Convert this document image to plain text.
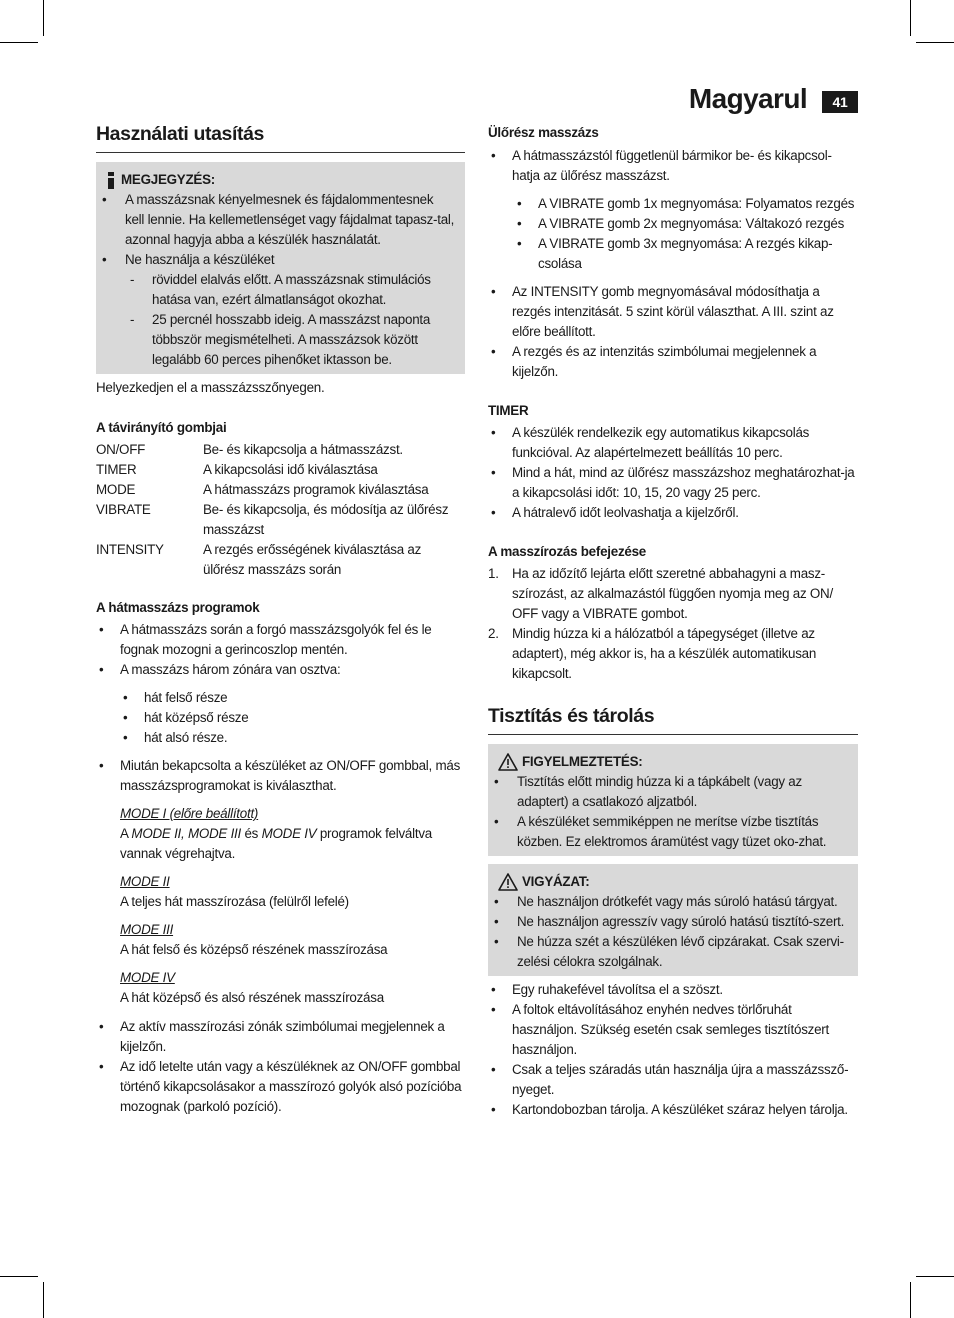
Magyarul	41
Használati utasítás
MEGJEGYZÉS:
• A masszázsnak kényelmesnek és fájdalommentesnek kell lennie. Ha kellemetlenséget vagy fájdalmat tapasz-tal, azonnal hagyja abba a készülék használatát.
• Ne használja a készüléket
- röviddel elalvás előtt. A masszázsnak stimulációs hatása van, ezért álmatlanságot okozhat.
- 25 percnél hosszabb ideig. A masszázst naponta többször megismételheti. A masszázsok között legalább 60 perces pihenőket iktasson be.

Helyezkedjen el a masszázsszőnyegen.

A távirányító gombjai
ON/OFF	Be- és kikapcsolja a hátmasszázst.
TIMER	A kikapcsolási idő kiválasztása
MODE	A hátmasszázs programok kiválasztása
VIBRATE	Be- és kikapcsolja, és módosítja az ülőrész masszázst
INTENSITY	A rezgés erősségének kiválasztása az ülőrész masszázs során
A hátmasszázs programok
• A hátmasszázs során a forgó masszázsgolyók fel és le fognak mozogni a gerincoszlop mentén.
• A masszázs három zónára van osztva:
• hát felső része
• hát középső része
• hát alsó része.
• Miután bekapcsolta a készüléket az ON/OFF gombbal, más masszázsprogramokat is kiválaszthat.
MODE I (előre beállított)
A MODE II, MODE III és MODE IV programok felváltva vannak végrehajtva.
MODE II
A teljes hát masszírozása (felülről lefelé)
MODE III
A hát felső és középső részének masszírozása
MODE IV
A hát középső és alsó részének masszírozása
• Az aktív masszírozási zónák szimbólumai megjelennek a kijelzőn.
• Az idő letelte után vagy a készüléknek az ON/OFF gombbal történő kikapcsolásakor a masszírozó golyók alsó pozícióba mozognak (parkoló pozíció).
Ülőrész masszázs
• A hátmasszázstól függetlenül bármikor be- és kikapcsol-hatja az ülőrész masszázst.
• A VIBRATE gomb 1x megnyomása: Folyamatos rezgés
• A VIBRATE gomb 2x megnyomása: Váltakozó rezgés
• A VIBRATE gomb 3x megnyomása: A rezgés kikap-csolása
• Az INTENSITY gomb megnyomásával módosíthatja a rezgés intenzitását. 5 szint körül választhat. A III. szint az előre beállított.
• A rezgés és az intenzitás szimbólumai megjelennek a kijelzőn.
TIMER
• A készülék rendelkezik egy automatikus kikapcsolás funkcióval. Az alapértelmezett beállítás 10 perc.
• Mind a hát, mind az ülőrész masszázshoz meghatározhat-ja a kikapcsolási időt: 10, 15, 20 vagy 25 perc.
• A hátralevő időt leolvashatja a kijelzőről.
A masszírozás befejezése
1. Ha az időzítő lejárta előtt szeretné abbahagyni a masz-szírozást, az alkalmazástól függően nyomja meg az ON/ OFF vagy a VIBRATE gombot.
2. Mindig húzza ki a hálózatból a tápegységet (illetve az adaptert), még akkor is, ha a készülék automatikusan kikapcsolt.
Tisztítás és tárolás
FIGYELMEZTETÉS:
• Tisztítás előtt mindig húzza ki a tápkábelt (vagy az adaptert) a csatlakozó aljzatból.
• A készüléket semmiképpen ne merítse vízbe tisztítás közben. Ez elektromos áramütést vagy tüzet oko-zhat.
VIGYÁZAT:
• Ne használjon drótkefét vagy más súroló hatású tárgyat.
• Ne használjon agresszív vagy súroló hatású tisztító-szert.
• Ne húzza szét a készüléken lévő cipzárakat. Csak szervi-zelési célokra szolgálnak.
• Egy ruhakefével távolítsa el a szöszt.
• A foltok eltávolításához enyhén nedves törlőruhát használjon. Szükség esetén csak semleges tisztítószert használjon.
• Csak a teljes száradás után használja újra a masszázssző-nyeget.
• Kartondobozban tárolja. A készüléket száraz helyen tárolja.
